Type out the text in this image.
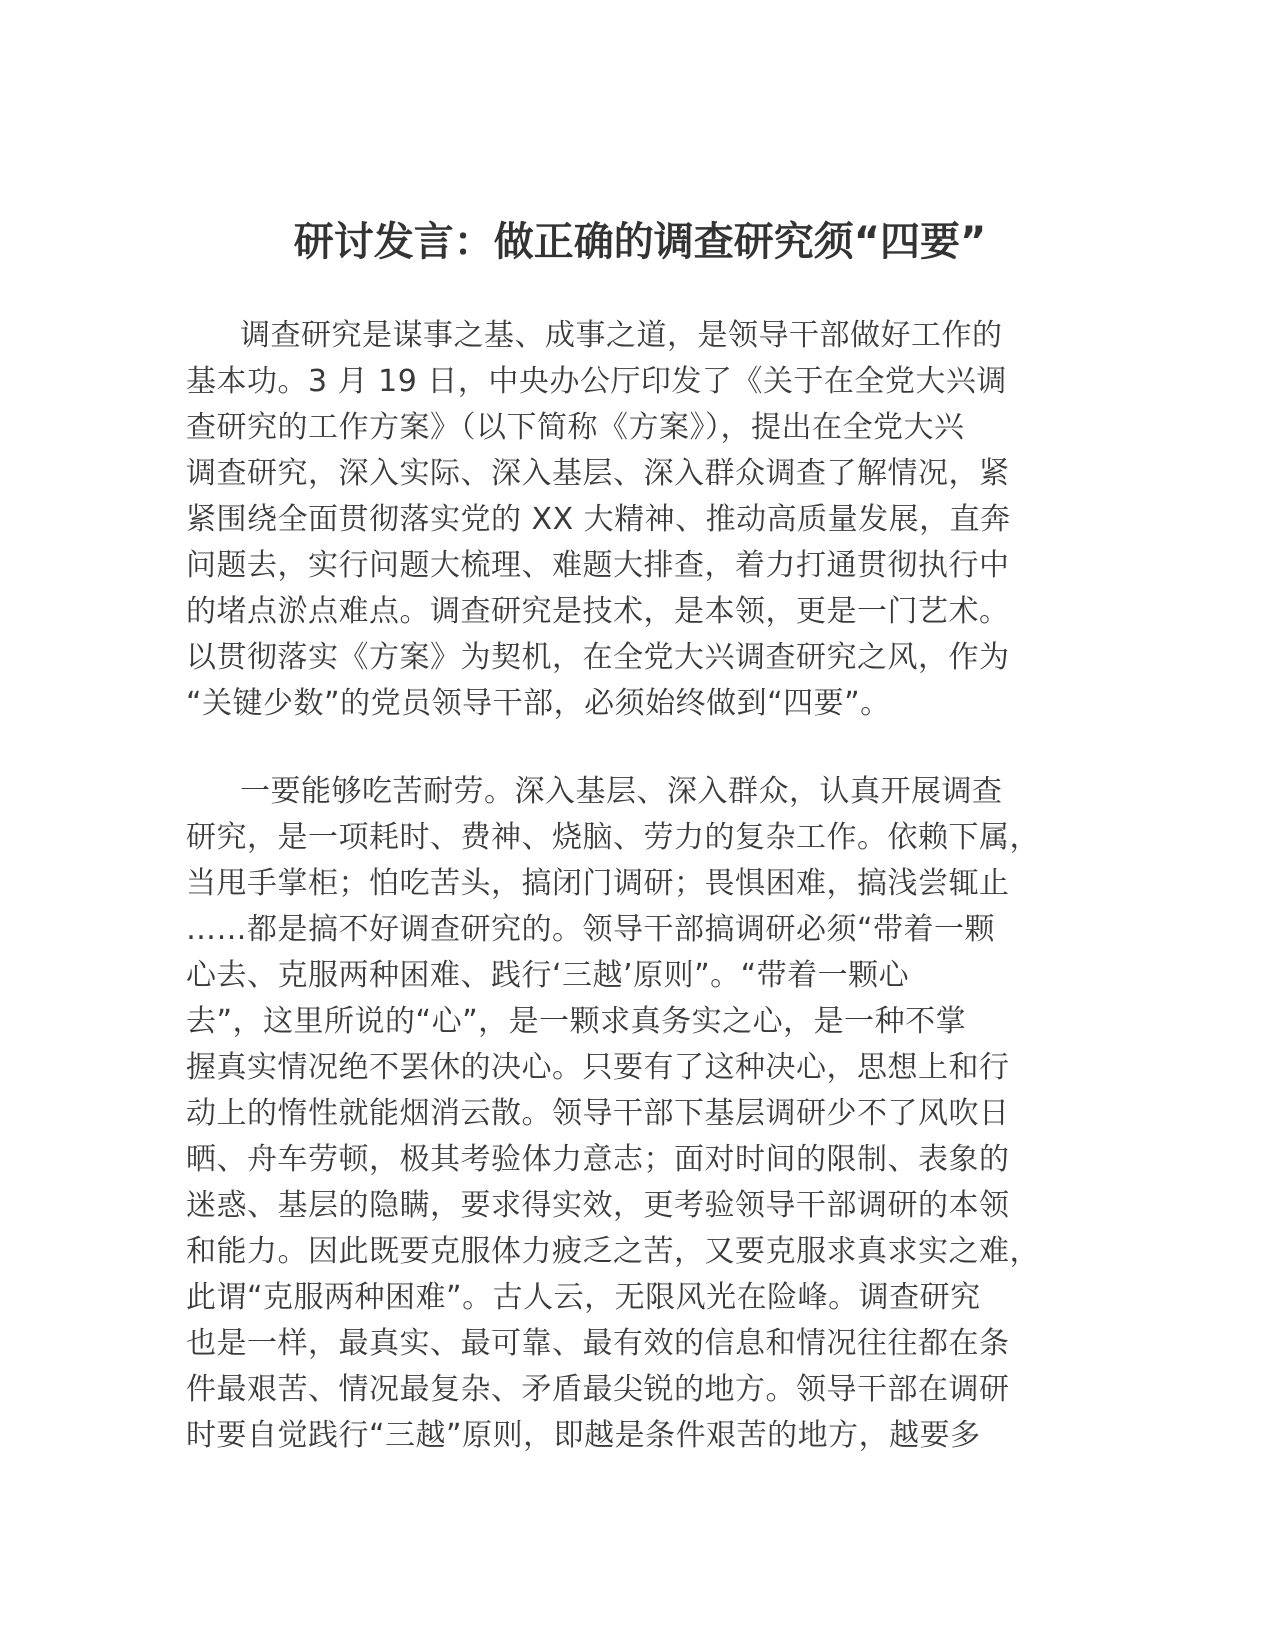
研讨发言：做正确的调查研究须“四要”

调查研究是谋事之基、成事之道，是领导干部做好工作的
基本功。3 月 19 日，中央办公厅印发了《关于在全党大兴调
查研究的工作方案》（以下简称《方案》），提出在全党大兴
调查研究，深入实际、深入基层、深入群众调查了解情况，紧
紧围绕全面贯彻落实党的 XX 大精神、推动高质量发展，直奔
问题去，实行问题大梳理、难题大排查，着力打通贯彻执行中
的堵点淤点难点。调查研究是技术，是本领，更是一门艺术。
以贯彻落实《方案》为契机，在全党大兴调查研究之风，作为
“关键少数”的党员领导干部，必须始终做到“四要”。

一要能够吃苦耐劳。深入基层、深入群众，认真开展调查
研究，是一项耗时、费神、烧脑、劳力的复杂工作。依赖下属，
当甩手掌柜；怕吃苦头，搞闭门调研；畏惧困难，搞浅尝辄止
……都是搞不好调查研究的。领导干部搞调研必须“带着一颗
心去、克服两种困难、践行‘三越’原则”。“带着一颗心
去”，这里所说的“心”，是一颗求真务实之心，是一种不掌
握真实情况绝不罢休的决心。只要有了这种决心，思想上和行
动上的惰性就能烟消云散。领导干部下基层调研少不了风吹日
晒、舟车劳顿，极其考验体力意志；面对时间的限制、表象的
迷惑、基层的隐瞒，要求得实效，更考验领导干部调研的本领
和能力。因此既要克服体力疲乏之苦，又要克服求真求实之难，
此谓“克服两种困难”。古人云，无限风光在险峰。调查研究
也是一样，最真实、最可靠、最有效的信息和情况往往都在条
件最艰苦、情况最复杂、矛盾最尖锐的地方。领导干部在调研
时要自觉践行“三越”原则，即越是条件艰苦的地方，越要多
